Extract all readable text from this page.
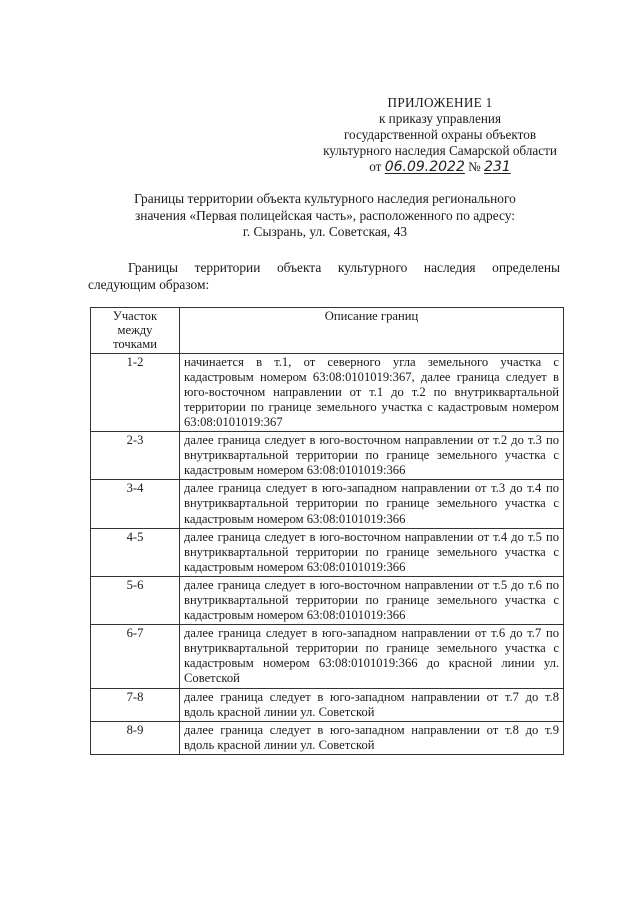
ПРИЛОЖЕНИЕ 1
к приказу управления
государственной охраны объектов
культурного наследия Самарской области
от 06.09.2022 № 231
Границы территории объекта культурного наследия регионального
значения «Первая полицейская часть», расположенного по адресу:
г. Сызрань, ул. Советская, 43
Границы территории объекта культурного наследия определены
следующим образом:
Участок между точками	Описание границ
1-2	начинается в т.1, от северного угла земельного участка с кадастровым номером 63:08:0101019:367, далее граница следует в юго-восточном направлении от т.1 до т.2 по внутриквартальной территории по границе земельного участка с кадастровым номером 63:08:0101019:367
2-3	далее граница следует в юго-восточном направлении от т.2 до т.3 по внутриквартальной территории по границе земельного участка с кадастровым номером 63:08:0101019:366
3-4	далее граница следует в юго-западном направлении от т.3 до т.4 по внутриквартальной территории по границе земельного участка с кадастровым номером 63:08:0101019:366
4-5	далее граница следует в юго-восточном направлении от т.4 до т.5 по внутриквартальной территории по границе земельного участка с кадастровым номером 63:08:0101019:366
5-6	далее граница следует в юго-восточном направлении от т.5 до т.6 по внутриквартальной территории по границе земельного участка с кадастровым номером 63:08:0101019:366
6-7	далее граница следует в юго-западном направлении от т.6 до т.7 по внутриквартальной территории по границе земельного участка с кадастровым номером 63:08:0101019:366 до красной линии ул. Советской
7-8	далее граница следует в юго-западном направлении от т.7 до т.8 вдоль красной линии ул. Советской
8-9	далее граница следует в юго-западном направлении от т.8 до т.9 вдоль красной линии ул. Советской
